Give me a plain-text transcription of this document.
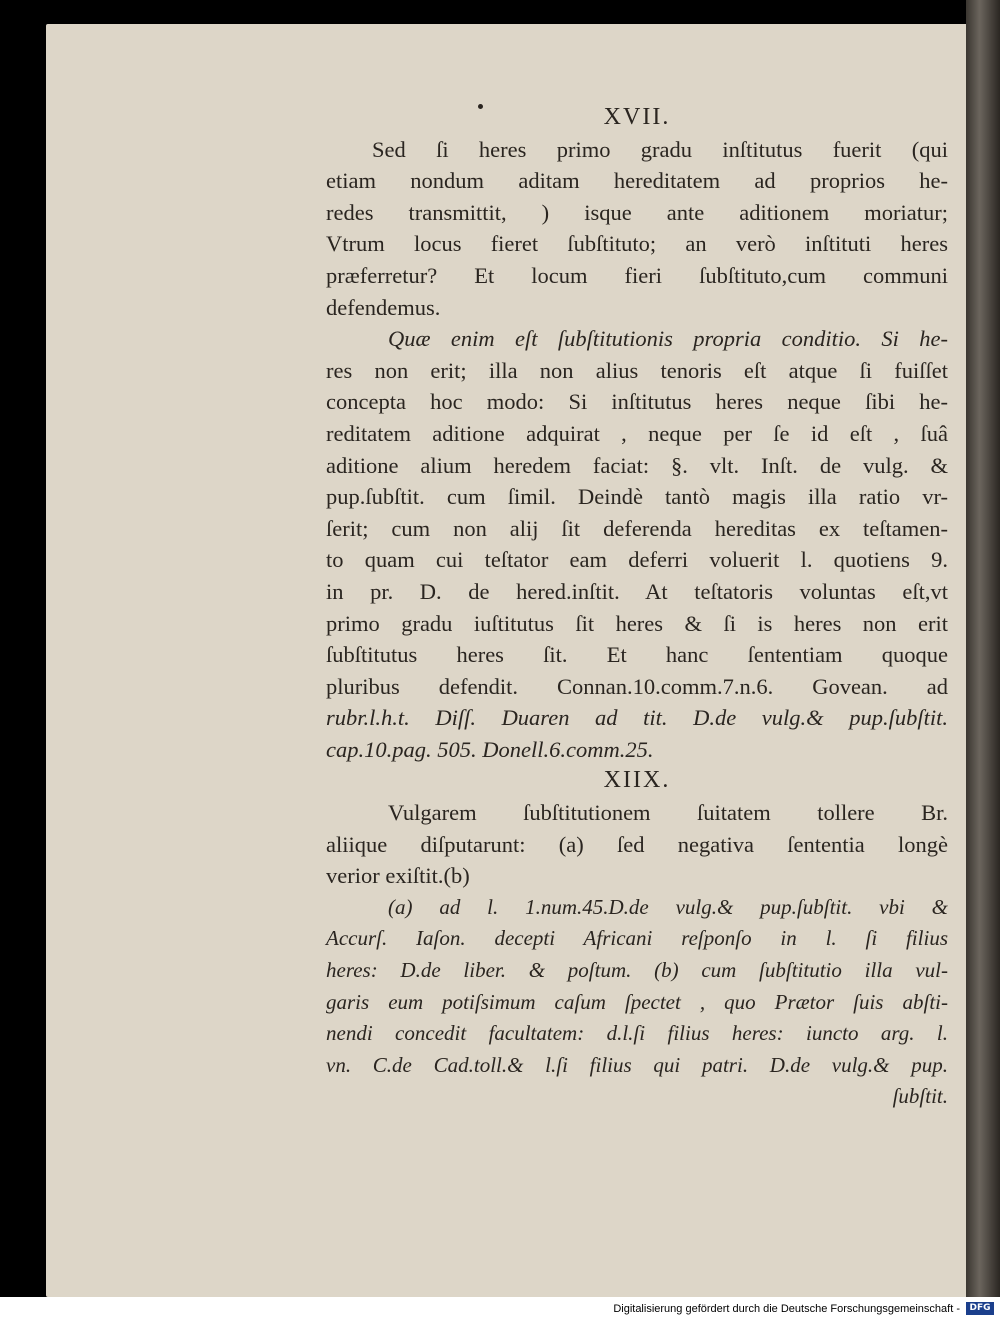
XVII.
Sed ſi heres primo gradu inſtitutus fuerit (qui
etiam nondum aditam hereditatem ad proprios he-
redes transmittit, ) isque ante aditionem moriatur;
Vtrum locus fieret ſubſtituto; an verò inſtituti heres
præferretur? Et locum fieri ſubſtituto,cum communi
defendemus.
Quæ enim eſt ſubſtitutionis propria conditio. Si he-
res non erit; illa non alius tenoris eſt atque ſi fuiſſet
concepta hoc modo: Si inſtitutus heres neque ſibi he-
reditatem aditione adquirat , neque per ſe id eſt , ſuâ
aditione alium heredem faciat: §. vlt. Inſt. de vulg. &
pup.ſubſtit. cum ſimil. Deindè tantò magis illa ratio vr-
ſerit; cum non alij ſit deferenda hereditas ex teſtamen-
to quam cui teſtator eam deferri voluerit l. quotiens 9.
in pr. D. de hered.inſtit. At teſtatoris voluntas eſt,vt
primo gradu iuſtitutus ſit heres & ſi is heres non erit
ſubſtitutus heres ſit. Et hanc ſententiam quoque
pluribus defendit. Connan.10.comm.7.n.6. Govean. ad
rubr.l.h.t. Diſſ. Duaren ad tit. D.de vulg.& pup.ſubſtit.
cap.10.pag. 505. Donell.6.comm.25.
XIIX.
Vulgarem ſubſtitutionem ſuitatem tollere Br.
aliique diſputarunt: (a) ſed negativa ſententia longè
verior exiſtit.(b)
(a) ad l. 1.num.45.D.de vulg.& pup.ſubſtit. vbi &
Accurſ. Iaſon. decepti Africani reſponſo in l. ſi filius
heres: D.de liber. & poſtum. (b) cum ſubſtitutio illa vul-
garis eum potiſsimum caſum ſpectet , quo Prætor ſuis abſti-
nendi concedit facultatem: d.l.ſi filius heres: iuncto arg. l.
vn. C.de Cad.toll.& l.ſi filius qui patri. D.de vulg.& pup.
ſubſtit.
Digitalisierung gefördert durch die Deutsche Forschungsgemeinschaft -	DFG
